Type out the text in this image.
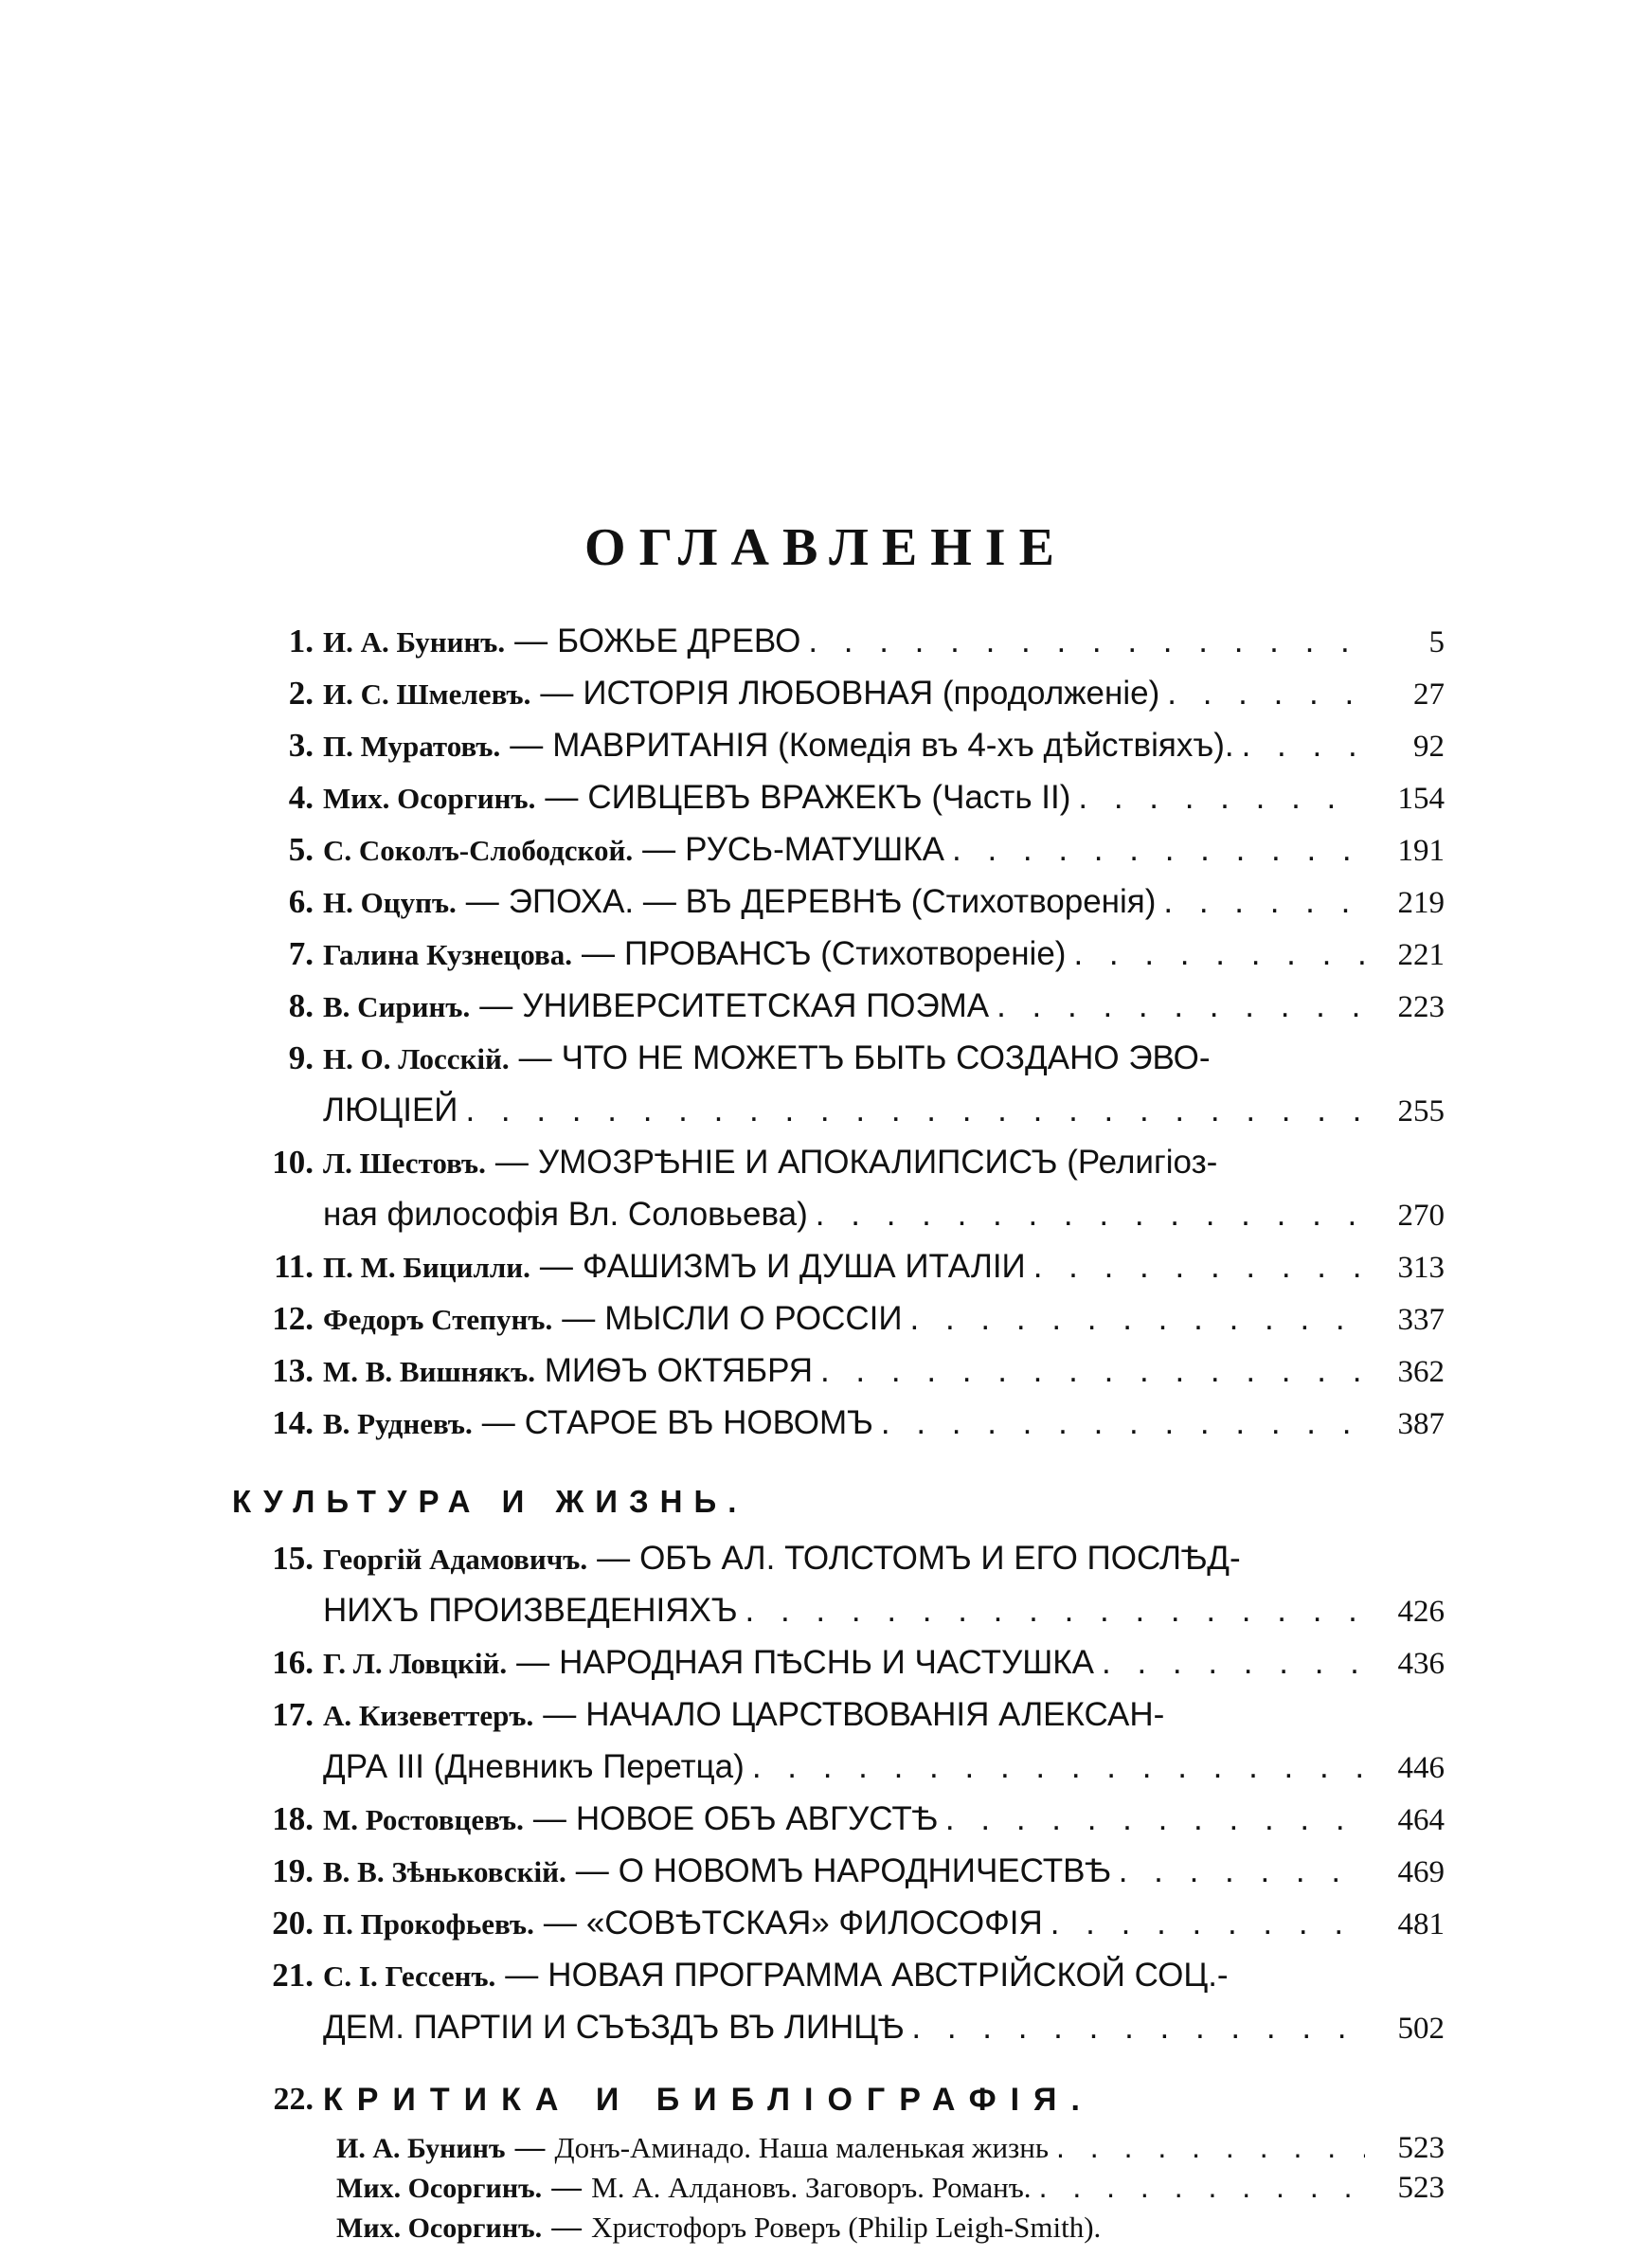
ОГЛАВЛЕНІЕ
1. И. А. Бунинъ. — БОЖЬЕ ДРЕВО . . .	5
2. И. С. Шмелевъ. — ИСТОРІЯ ЛЮБОВНАЯ (продолженіе) . . .	27
3. П. Муратовъ. — МАВРИТАНІЯ (Комедія въ 4-хъ дѣйствіяхъ). . . .	92
4. Мих. Осоргинъ. — СИВЦЕВЪ ВРАЖЕКЪ (Часть II) . . .	154
5. С. Соколъ-Слободской. — РУСЬ-МАТУШКА . . .	191
6. Н. Оцупъ. — ЭПОХА. — ВЪ ДЕРЕВНѢ (Стихотворенія) . . .	219
7. Галина Кузнецова. — ПРОВАНСЪ (Стихотвореніе) . . .	221
8. В. Сиринъ. — УНИВЕРСИТЕТСКАЯ ПОЭМА . . .	223
9. Н. О. Лосскій. — ЧТО НЕ МОЖЕТЪ БЫТЬ СОЗДАНО ЭВО-
ЛЮЦІЕЙ . . .	255
10. Л. Шестовъ. — УМОЗРѢНІЕ И АПОКАЛИПСИСЪ (Религіоз-
ная философія Вл. Соловьева) . . .	270
11. П. М. Бицилли. — ФАШИЗМЪ И ДУША ИТАЛІИ . . .	313
12. Федоръ Степунъ. — МЫСЛИ О РОССІИ . . .	337
13. М. В. Вишнякъ.
МИѲЪ ОКТЯБРЯ . . .	362
14. В. Рудневъ. — СТАРОЕ ВЪ НОВОМЪ . . .	387
КУЛЬТУРА И ЖИЗНЬ.
15. Георгій Адамовичъ. — ОБЪ АЛ. ТОЛСТОМЪ И ЕГО ПОСЛѢД-
НИХЪ ПРОИЗВЕДЕНІЯХЪ . . .	426
16. Г. Л. Ловцкій. — НАРОДНАЯ ПѢСНЬ И ЧАСТУШКА . . .	436
17. А. Кизеветтеръ. — НАЧАЛО ЦАРСТВОВАНІЯ АЛЕКСАН-
ДРА III (Дневникъ Перетца) . . .	446
18. М. Ростовцевъ. — НОВОЕ ОБЪ АВГУСТѢ . . .	464
19. В. В. Зѣньковскій. — О НОВОМЪ НАРОДНИЧЕСТВѢ . . .	469
20. П. Прокофьевъ. — «СОВѢТСКАЯ» ФИЛОСОФІЯ . . .	481
21. С. І. Гессенъ. — НОВАЯ ПРОГРАММА АВСТРІЙСКОЙ СОЦ.-
ДЕМ. ПАРТІИ И СЪѢЗДЪ ВЪ ЛИНЦѢ . . .	502
22. КРИТИКА И БИБЛІОГРАФІЯ.
И. А. Бунинъ — Донъ-Аминадо. Наша маленькая жизнь . . .	523
Мих. Осоргинъ. — М. А. Алдановъ. Заговоръ. Романъ. . . .	523
Мих. Осоргинъ. — Христофоръ Роверъ (Philip Leigh-Smith).
